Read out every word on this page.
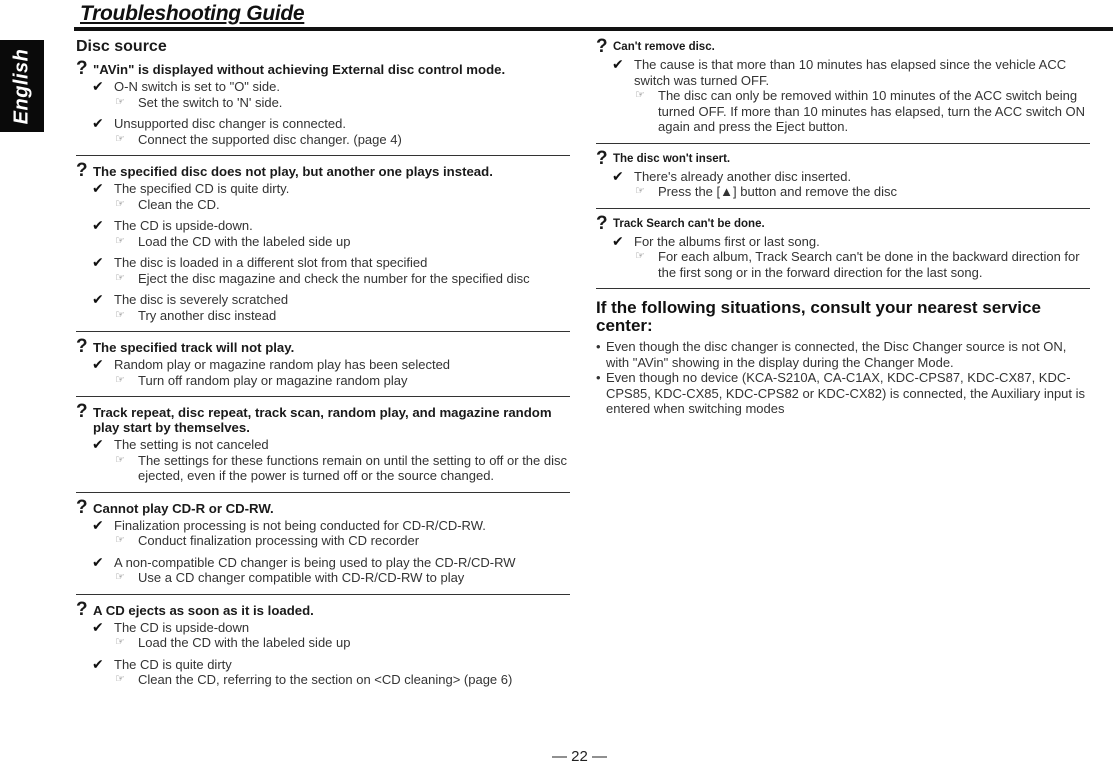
English
Troubleshooting Guide
Disc source
? "AVin" is displayed without achieving External disc control mode.
✔ O-N switch is set to "O" side.
☞	Set the switch to 'N' side.
✔ Unsupported disc changer is connected.
☞	Connect the supported disc changer. (page 4)
? The specified disc does not play, but another one plays instead.
✔ The specified CD is quite dirty.
☞	Clean the CD.
✔ The CD is upside-down.
☞	Load the CD with the labeled side up
✔ The disc is loaded in a different slot from that specified
☞	Eject the disc magazine and check the number for the specified disc
✔ The disc is severely scratched
☞	Try another disc instead
? The specified track will not play.
✔ Random play or magazine random play has been selected
☞	Turn off random play or magazine random play
? Track repeat, disc repeat, track scan, random play, and magazine random play start by themselves.
✔ The setting is not canceled
☞	The settings for these functions remain on until the setting to off or the disc ejected, even if the power is turned off or the source changed.
? Cannot play CD-R or CD-RW.
✔ Finalization processing is not being conducted for CD-R/CD-RW.
☞	Conduct finalization processing with CD recorder
✔ A non-compatible CD changer is being used to play the CD-R/CD-RW
☞	Use a CD changer compatible with CD-R/CD-RW to play
? A CD ejects as soon as it is loaded.
✔ The CD is upside-down
☞	Load the CD with the labeled side up
✔ The CD is quite dirty
☞	Clean the CD, referring to the section on <CD cleaning> (page 6)
? Can't remove disc.
✔ The cause is that more than 10 minutes has elapsed since the vehicle ACC switch was turned OFF.
☞	The disc can only be removed within 10 minutes of the ACC switch being turned OFF. If more than 10 minutes has elapsed, turn the ACC switch ON again and press the Eject button.
? The disc won't insert.
✔ There's already another disc inserted.
☞	Press the [▲] button and remove the disc
? Track Search can't be done.
✔ For the albums first or last song.
☞	For each album, Track Search can't be done in the backward direction for the first song or in the forward direction for the last song.
If the following situations, consult your nearest service center:
• Even though the disc changer is connected, the Disc Changer source is not ON, with "AVin" showing in the display during the Changer Mode.
• Even though no device (KCA-S210A, CA-C1AX, KDC-CPS87, KDC-CX87, KDC-CPS85, KDC-CX85, KDC-CPS82 or KDC-CX82) is connected, the Auxiliary input is entered when switching modes
— 22 —
